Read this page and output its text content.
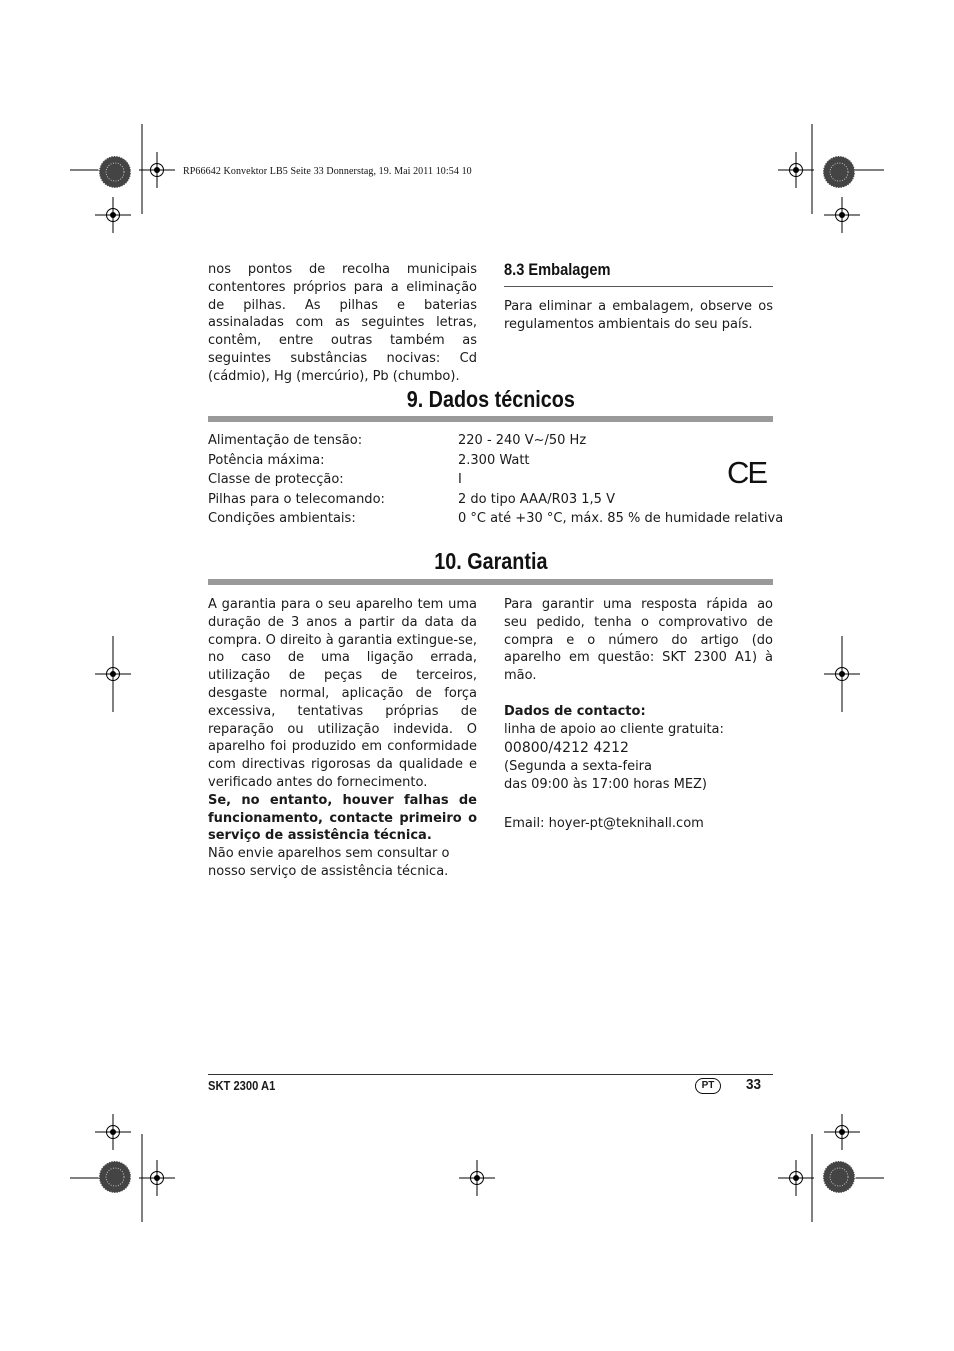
RP66642 Konvektor LB5 Seite 33 Donnerstag, 19. Mai 2011 10:54 10

nos pontos de recolha municipais contentores próprios para a eliminação de pilhas. As pilhas e baterias assinaladas com as seguintes letras, contêm, entre outras também as seguintes substâncias nocivas: Cd (cádmio), Hg (mercúrio), Pb (chumbo).

8.3 Embalagem

Para eliminar a embalagem, observe os regulamentos ambientais do seu país.

9. Dados técnicos
Alimentação de tensão:	220 - 240 V~/50 Hz
Potência máxima:	2.300 Watt
Classe de protecção:	I
Pilhas para o telecomando:	2 do tipo AAA/R03 1,5 V
Condições ambientais:	0 °C até +30 °C, máx. 85 % de humidade relativa
CE
10. Garantia

A garantia para o seu aparelho tem uma duração de 3 anos a partir da data da compra. O direito à garantia extingue-se, no caso de uma ligação errada, utilização de peças de terceiros, desgaste normal, aplicação de força excessiva, tentativas próprias de reparação ou utilização indevida. O aparelho foi produzido em conformidade com directivas rigorosas da qualidade e verificado antes do fornecimento.

Se, no entanto, houver falhas de funcionamento, contacte primeiro o serviço de assistência técnica.

Não envie aparelhos sem consultar o nosso serviço de assistência técnica.

Para garantir uma resposta rápida ao seu pedido, tenha o comprovativo de compra e o número do artigo (do aparelho em questão: SKT 2300 A1) à mão.

Dados de contacto:

linha de apoio ao cliente gratuita:

00800/4212 4212

(Segunda a sexta-feira

das 09:00 às 17:00 horas MEZ)

Email: hoyer-pt@teknihall.com

SKT 2300 A1	PT	33
